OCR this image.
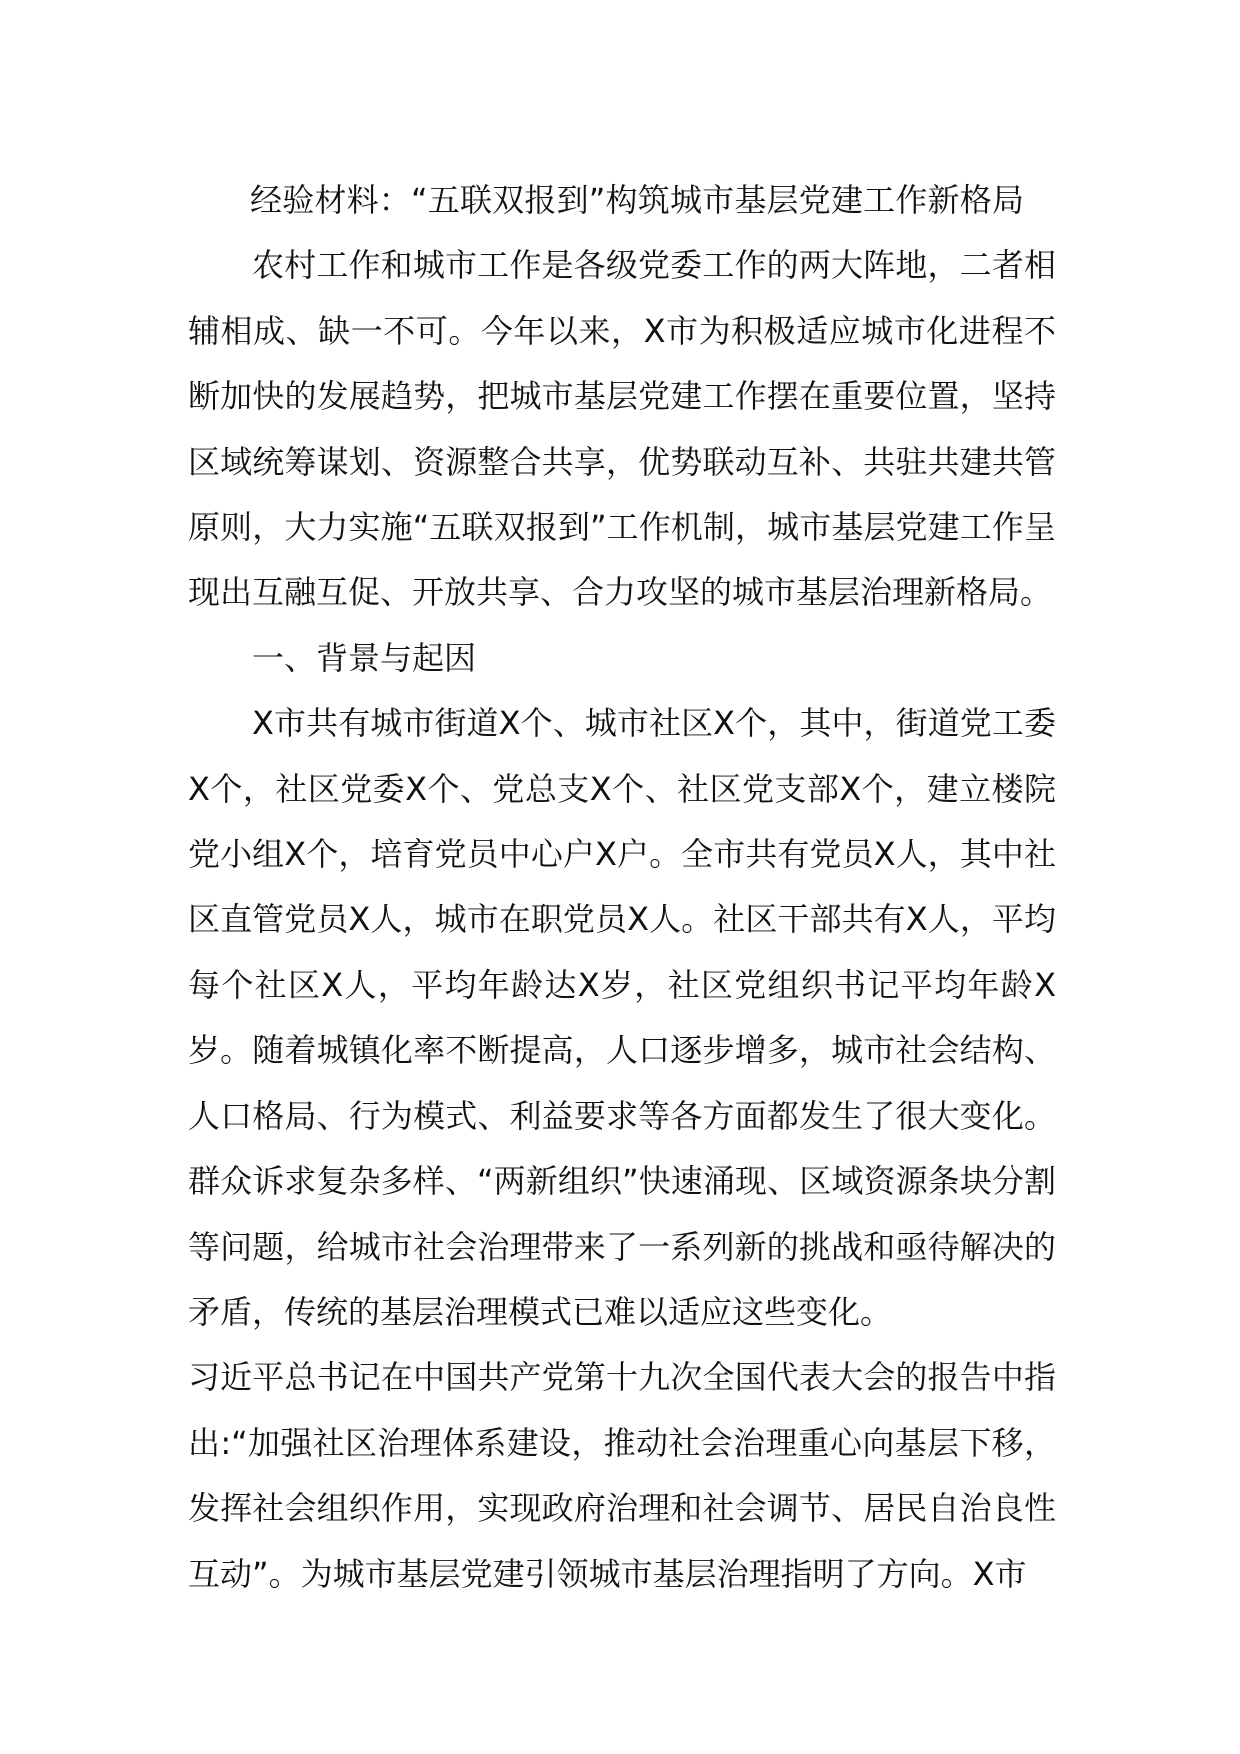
经验材料：“五联双报到”构筑城市基层党建工作新格局

农村工作和城市工作是各级党委工作的两大阵地，二者相辅相成、缺一不可。今年以来，X市为积极适应城市化进程不断加快的发展趋势，把城市基层党建工作摆在重要位置，坚持区域统筹谋划、资源整合共享，优势联动互补、共驻共建共管原则，大力实施“五联双报到”工作机制，城市基层党建工作呈现出互融互促、开放共享、合力攻坚的城市基层治理新格局。

一、背景与起因

X市共有城市街道X个、城市社区X个，其中，街道党工委X个，社区党委X个、党总支X个、社区党支部X个，建立楼院党小组X个，培育党员中心户X户。全市共有党员X人，其中社区直管党员X人，城市在职党员X人。社区干部共有X人，平均每个社区X人，平均年龄达X岁，社区党组织书记平均年龄X岁。随着城镇化率不断提高，人口逐步增多，城市社会结构、人口格局、行为模式、利益要求等各方面都发生了很大变化。群众诉求复杂多样、“两新组织”快速涌现、区域资源条块分割等问题，给城市社会治理带来了一系列新的挑战和亟待解决的矛盾，传统的基层治理模式已难以适应这些变化。

习近平总书记在中国共产党第十九次全国代表大会的报告中指出:“加强社区治理体系建设，推动社会治理重心向基层下移，发挥社会组织作用，实现政府治理和社会调节、居民自治良性互动”。为城市基层党建引领城市基层治理指明了方向。X市
